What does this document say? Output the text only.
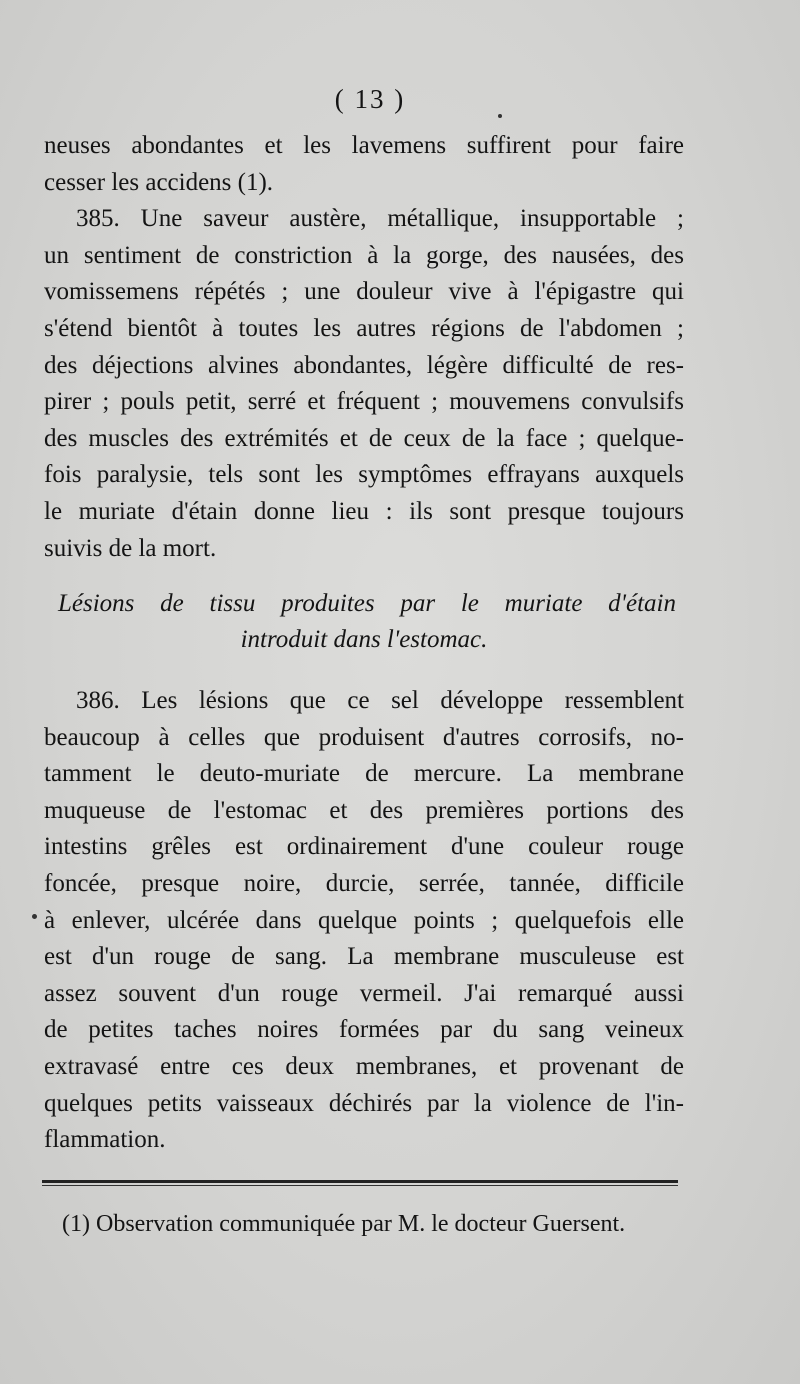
( 13 )
neuses abondantes et les lavemens suffirent pour faire
cesser les accidens (1).
385. Une saveur austère, métallique, insupportable ;
un sentiment de constriction à la gorge, des nausées, des
vomissemens répétés ; une douleur vive à l'épigastre qui
s'étend bientôt à toutes les autres régions de l'abdomen ;
des déjections alvines abondantes, légère difficulté de res-
pirer ; pouls petit, serré et fréquent ; mouvemens convulsifs
des muscles des extrémités et de ceux de la face ; quelque-
fois paralysie, tels sont les symptômes effrayans auxquels
le muriate d'étain donne lieu : ils sont presque toujours
suivis de la mort.
Lésions de tissu produites par le muriate d'étain
introduit dans l'estomac.
386. Les lésions que ce sel développe ressemblent
beaucoup à celles que produisent d'autres corrosifs, no-
tamment le deuto-muriate de mercure. La membrane
muqueuse de l'estomac et des premières portions des
intestins grêles est ordinairement d'une couleur rouge
foncée, presque noire, durcie, serrée, tannée, difficile
à enlever, ulcérée dans quelque points ; quelquefois elle
est d'un rouge de sang. La membrane musculeuse est
assez souvent d'un rouge vermeil. J'ai remarqué aussi
de petites taches noires formées par du sang veineux
extravasé entre ces deux membranes, et provenant de
quelques petits vaisseaux déchirés par la violence de l'in-
flammation.
(1) Observation communiquée par M. le docteur Guersent.
